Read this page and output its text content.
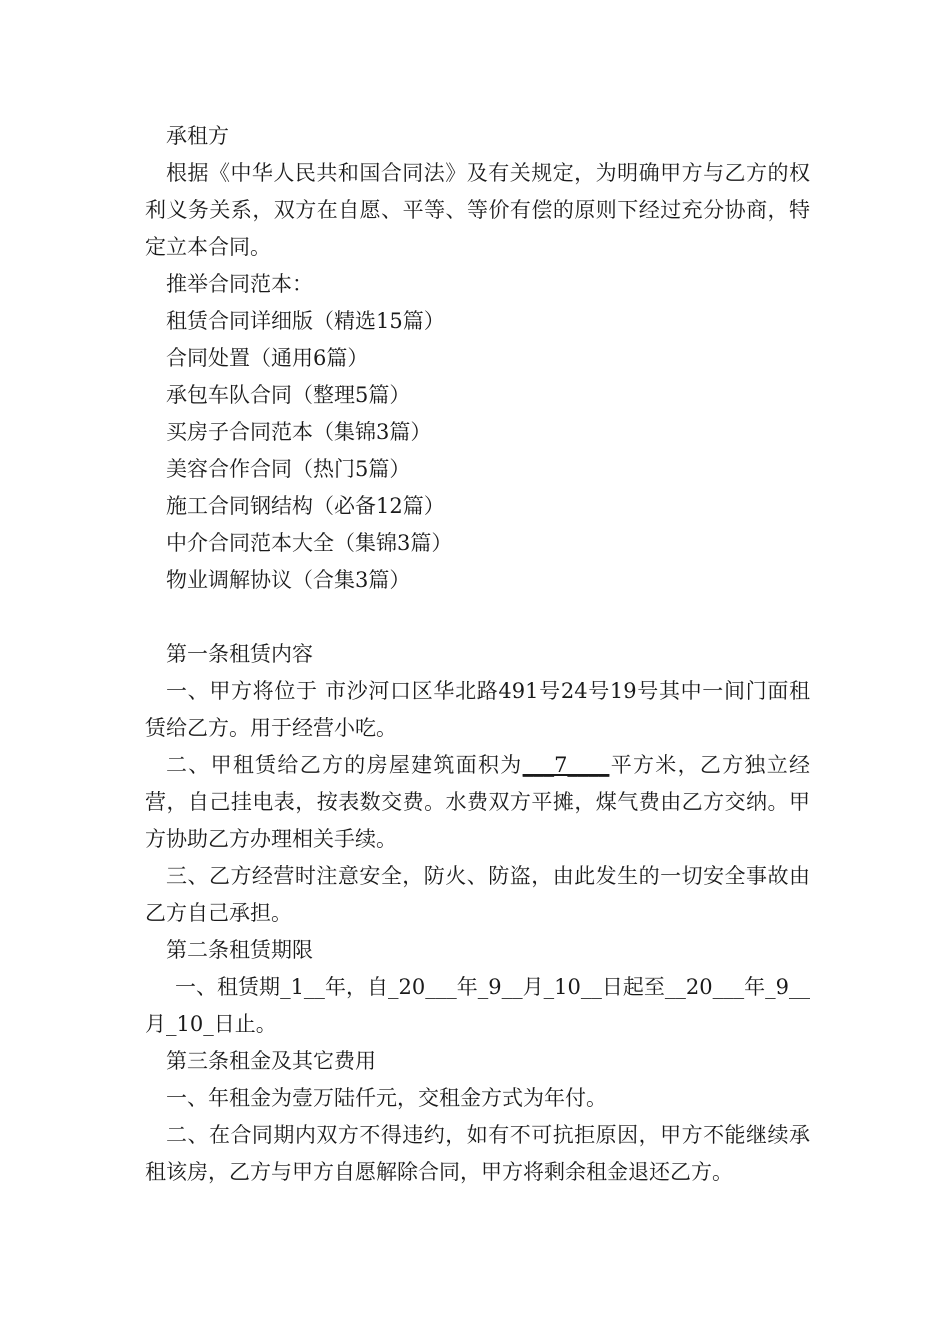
承租方

根据《中华人民共和国合同法》及有关规定，为明确甲方与乙方的权利义务关系，双方在自愿、平等、等价有偿的原则下经过充分协商，特定立本合同。

推举合同范本：

租赁合同详细版（精选15篇）

合同处置（通用6篇）

承包车队合同（整理5篇）

买房子合同范本（集锦3篇）

美容合作合同（热门5篇）

施工合同钢结构（必备12篇）

中介合同范本大全（集锦3篇）

物业调解协议（合集3篇）

第一条租赁内容

一、甲方将位于 市沙河口区华北路491号24号19号其中一间门面租赁给乙方。用于经营小吃。

二、甲租赁给乙方的房屋建筑面积为___7____平方米，乙方独立经营，自己挂电表，按表数交费。水费双方平摊，煤气费由乙方交纳。甲方协助乙方办理相关手续。

三、乙方经营时注意安全，防火、防盗，由此发生的一切安全事故由乙方自己承担。

第二条租赁期限

一、租赁期_1__年，自_20___年_9__月_10__日起至__20___年_9__月_10_日止。

第三条租金及其它费用

一、年租金为壹万陆仟元，交租金方式为年付。

二、在合同期内双方不得违约，如有不可抗拒原因，甲方不能继续承租该房，乙方与甲方自愿解除合同，甲方将剩余租金退还乙方。
